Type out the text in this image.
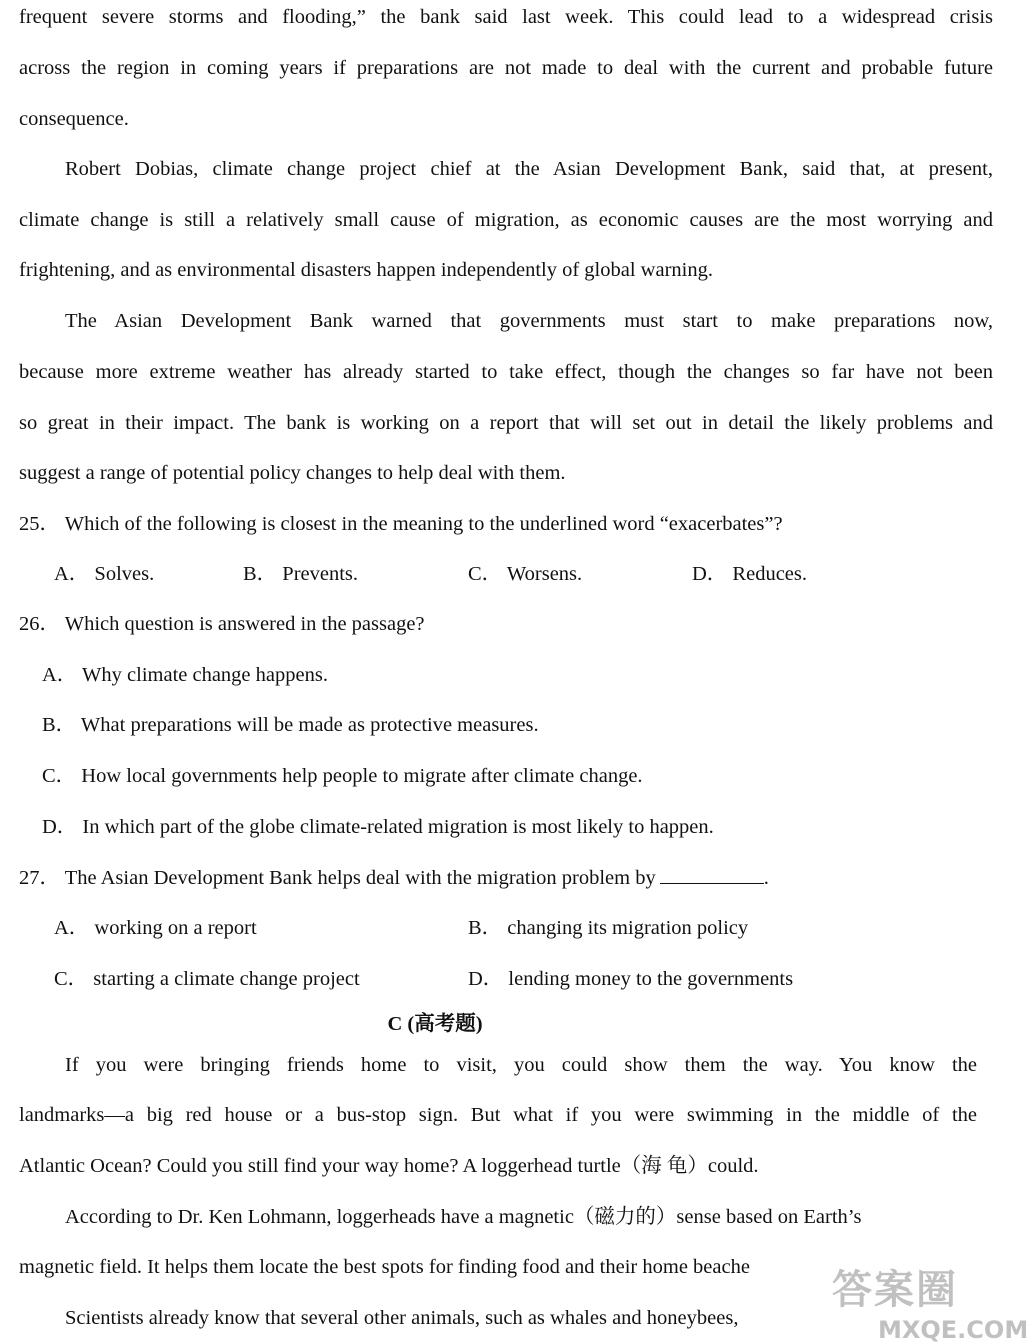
frequent severe storms and flooding,” the bank said last week. This could lead to a widespread crisis
across the region in coming years if preparations are not made to deal with the current and probable future
consequence.
Robert Dobias, climate change project chief at the Asian Development Bank, said that, at present,
climate change is still a relatively small cause of migration, as economic causes are the most worrying and
frightening, and as environmental disasters happen independently of global warning.
The Asian Development Bank warned that governments must start to make preparations now,
because more extreme weather has already started to take effect, though the changes so far have not been
so great in their impact. The bank is working on a report that will set out in detail the likely problems and
suggest a range of potential policy changes to help deal with them.
25． Which of the following is closest in the meaning to the underlined word “exacerbates”?
A． Solves.	B． Prevents.	C． Worsens.	D． Reduces.
26． Which question is answered in the passage?
A． Why climate change happens.
B． What preparations will be made as protective measures.
C． How local governments help people to migrate after climate change.
D． In which part of the globe climate-related migration is most likely to happen.
27． The Asian Development Bank helps deal with the migration problem by	.
A． working on a report	B． changing its migration policy
C． starting a climate change project	D． lending money to the governments
C (高考题)
If you were bringing friends home to visit, you could show them the way. You know the
landmarks—a big red house or a bus-stop sign. But what if you were swimming in the middle of the
Atlantic Ocean? Could you still find your way home? A loggerhead turtle（海 龟）could.
According to Dr. Ken Lohmann, loggerheads have a magnetic（磁力的）sense based on Earth’s
magnetic field. It helps them locate the best spots for finding food and their home beache
Scientists already know that several other animals, such as whales and honeybees,
答案圈
MXQE.COM
